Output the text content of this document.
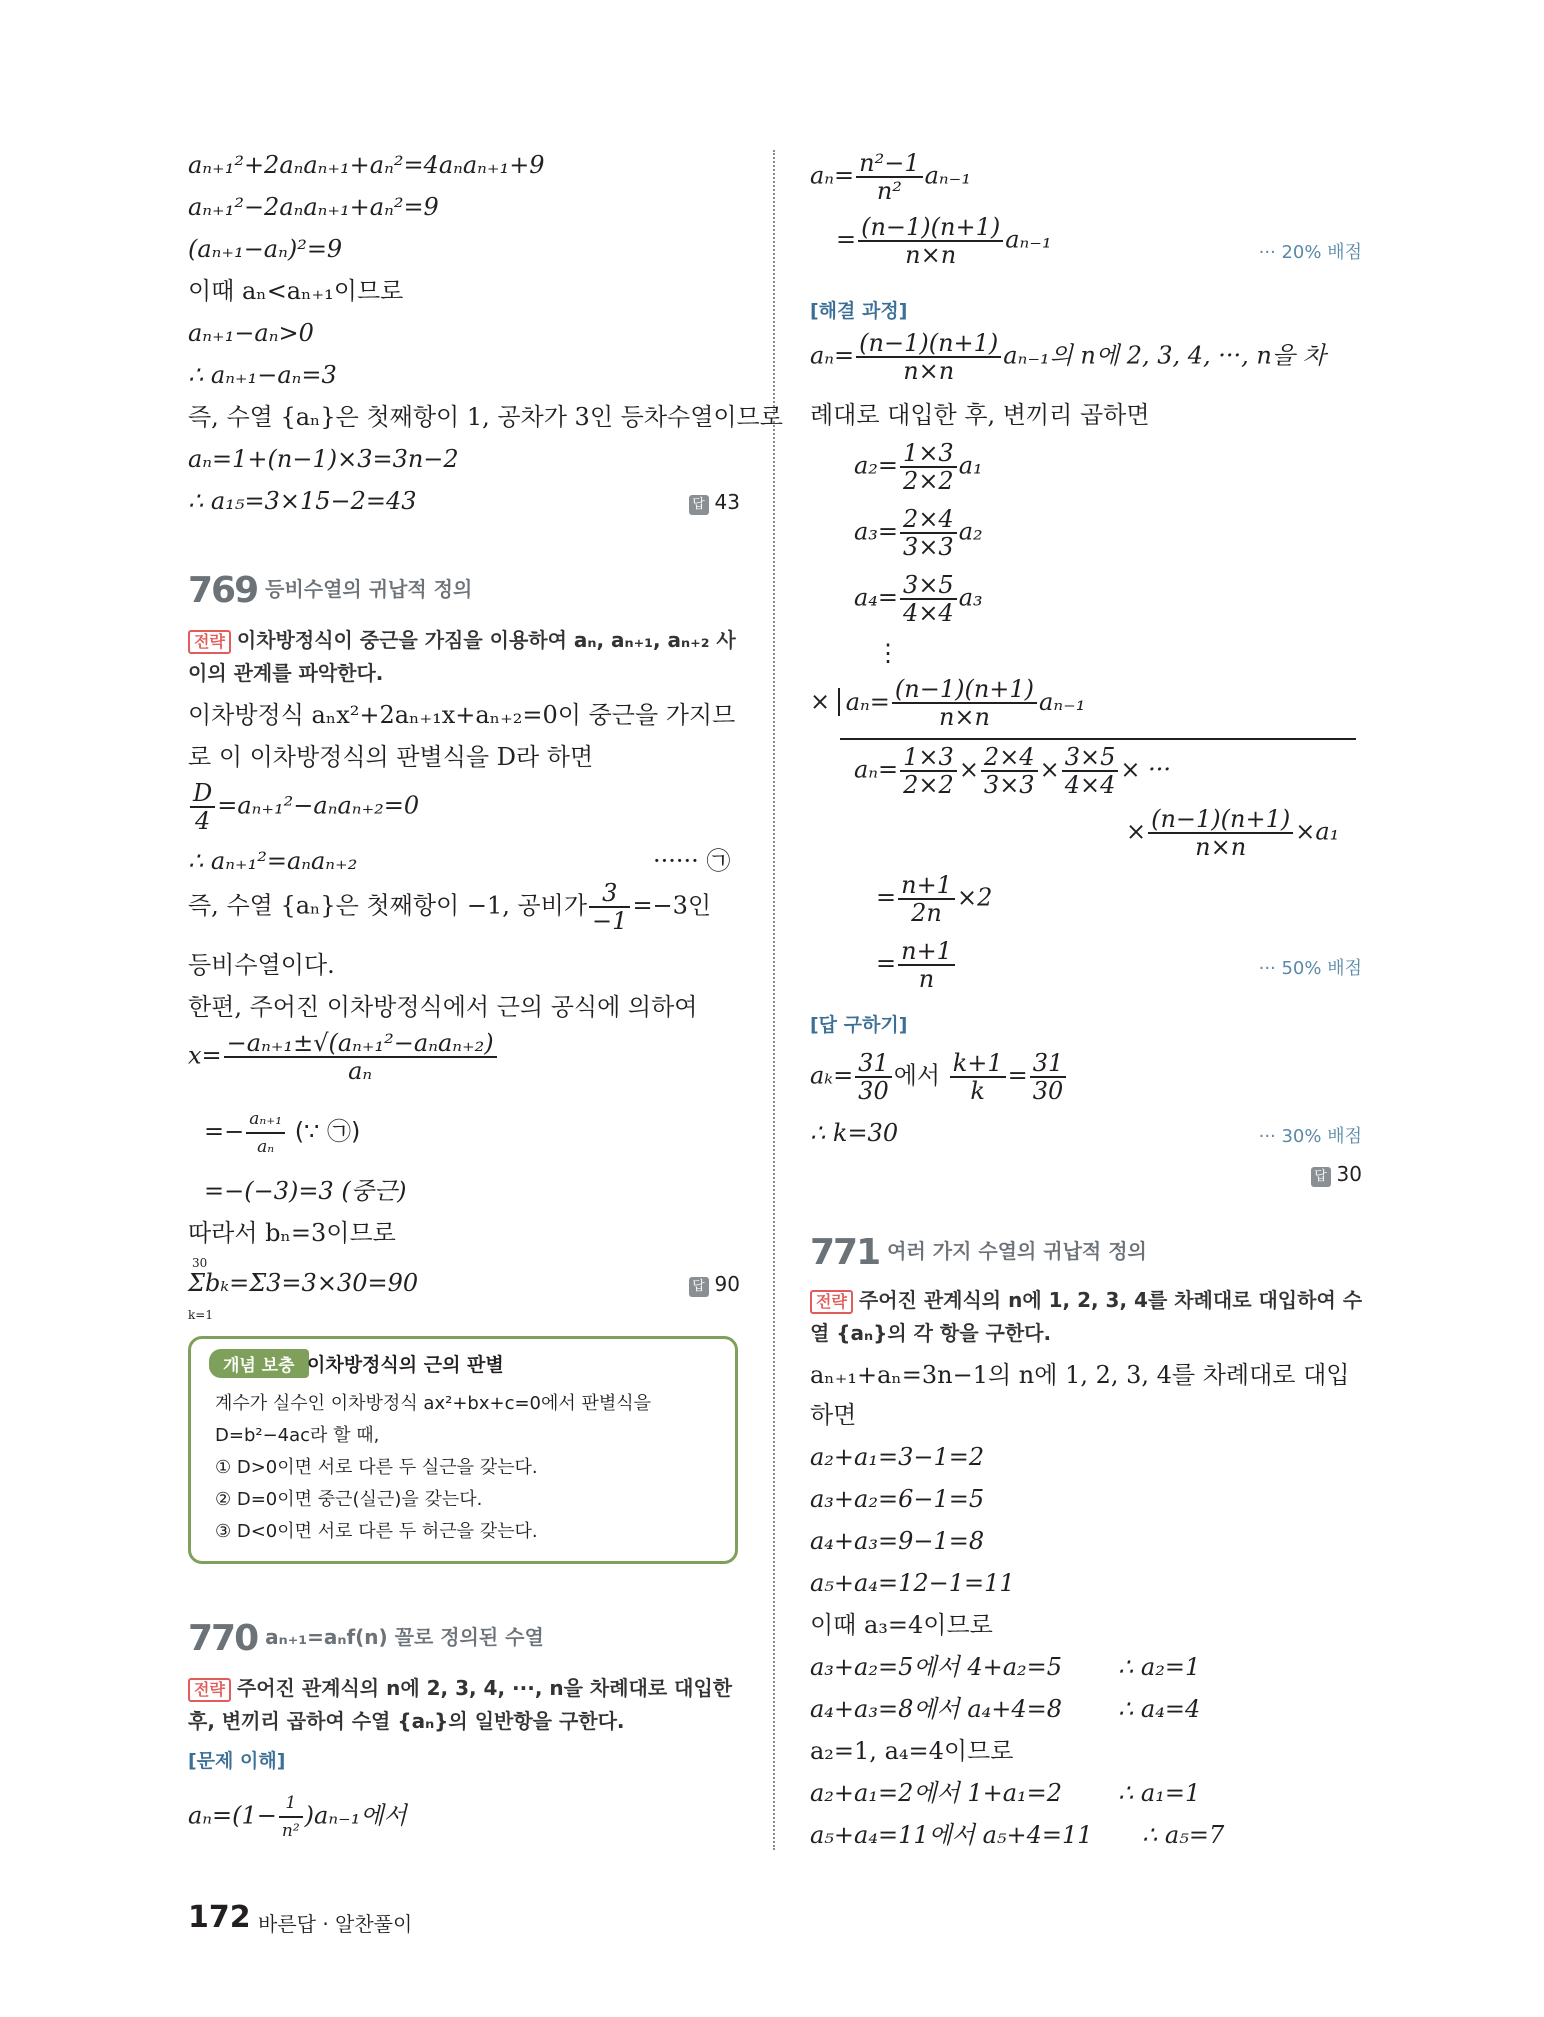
aₙ₊₁²+2aₙaₙ₊₁+aₙ²=4aₙaₙ₊₁+9
aₙ₊₁²−2aₙaₙ₊₁+aₙ²=9
(aₙ₊₁−aₙ)²=9
이때 aₙ<aₙ₊₁이므로
aₙ₊₁−aₙ>0
∴ aₙ₊₁−aₙ=3
즉, 수열 {aₙ}은 첫째항이 1, 공차가 3인 등차수열이므로
aₙ=1+(n−1)×3=3n−2
∴ a₁₅=3×15−2=43	답 43
769 등비수열의 귀납적 정의
전략 이차방정식이 중근을 가짐을 이용하여 aₙ, aₙ₊₁, aₙ₊₂ 사
이의 관계를 파악한다.
이차방정식 aₙx²+2aₙ₊₁x+aₙ₊₂=0이 중근을 가지므
로 이 이차방정식의 판별식을 D라 하면
$\frac{D}{4} =a_{n+1}^2-a_na_{n+2}=0$
∴ aₙ₊₁²=aₙaₙ₊₂	······ ㉠
즉, 수열 {aₙ}은 첫째항이 −1, 공비가 $\frac{3}{-1} =-3$인
등비수열이다.
한편, 주어진 이차방정식에서 근의 공식에 의하여
$x= \frac{\text{−aₙ₊₁±√(aₙ₊₁²−aₙaₙ₊₂)}}{\text{aₙ}}$
=− $\frac{\text{aₙ₊₁}}{\text{aₙ}}$ (∵ ㉠)
=−(−3)=3 (중근)
따라서 bₙ=3이므로
Σbₖ=Σ3=3×30=90
30
k=1
답 90
개념 보충 이차방정식의 근의 판별
계수가 실수인 이차방정식 ax²+bx+c=0에서 판별식을
D=b²−4ac라 할 때,
① D>0이면 서로 다른 두 실근을 갖는다.
② D=0이면 중근(실근)을 갖는다.
③ D<0이면 서로 다른 두 허근을 갖는다.
770 aₙ₊₁=aₙf(n) 꼴로 정의된 수열
전략 주어진 관계식의 n에 2, 3, 4, ···, n을 차례대로 대입한
후, 변끼리 곱하여 수열 {aₙ}의 일반항을 구한다.
[문제 이해]
$a_n=(1- \frac{1}{\text{n²}} )a_{n-1}$에서
$a_n= \frac{\text{n²−1}}{\text{n²}} a_{n-1}$
= $\frac{(n-1)(n+1)}{n\times n} a_{n-1}$	··· 20% 배점
[해결 과정]
$a_n= \frac{(n-1)(n+1)}{n\times n} a_{n-1}$의 n에 2, 3, 4, ···, n을 차
례대로 대입한 후, 변끼리 곱하면
$a_2= \frac{1\times 3}{2\times 2} a_1$
$a_3= \frac{2\times 4}{3\times 3} a_2$
$a_4= \frac{3\times 5}{4\times 4} a_3$
⋮
× $a_n= \frac{(n-1)(n+1)}{n\times n} a_{n-1}$
$a_n= \frac{1\times 3}{2\times 2} \times \frac{2\times 4}{3\times 3} \times \frac{3\times 5}{4\times 4}$ × ···
× $\frac{(n-1)(n+1)}{n\times n} \times a_1$
= $\frac{n+1}{2n} \times 2$
= $\frac{n+1}{n}$	··· 50% 배점
[답 구하기]
$a_k= \frac{31}{30}$ 에서 $\frac{k+1}{k} = \frac{31}{30}$
∴ k=30	··· 30% 배점
답 30
771 여러 가지 수열의 귀납적 정의
전략 주어진 관계식의 n에 1, 2, 3, 4를 차례대로 대입하여 수
열 {aₙ}의 각 항을 구한다.
aₙ₊₁+aₙ=3n−1의 n에 1, 2, 3, 4를 차례대로 대입
하면
a₂+a₁=3−1=2
a₃+a₂=6−1=5
a₄+a₃=9−1=8
a₅+a₄=12−1=11
이때 a₃=4이므로
a₃+a₂=5에서 4+a₂=5 ∴ a₂=1
a₄+a₃=8에서 a₄+4=8 ∴ a₄=4
a₂=1, a₄=4이므로
a₂+a₁=2에서 1+a₁=2 ∴ a₁=1
a₅+a₄=11에서 a₅+4=11 ∴ a₅=7
172 바른답 · 알찬풀이
